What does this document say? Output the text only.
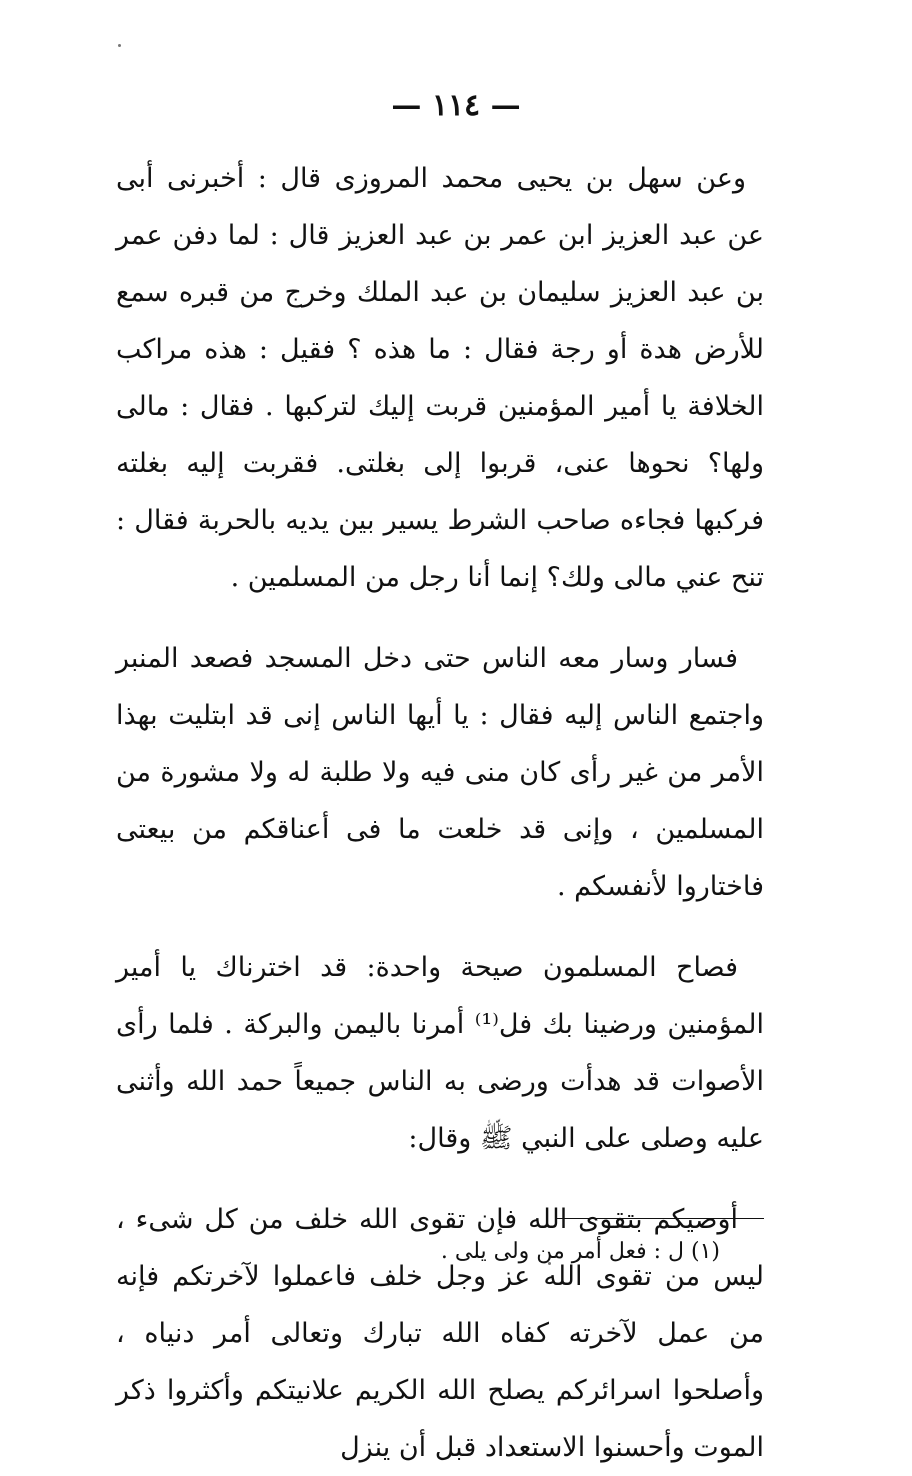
— ١١٤ —

وعن سهل بن يحيى محمد المروزى قال : أخبرنى أبى عن عبد العزيز ابن عمر بن عبد العزيز قال : لما دفن عمر بن عبد العزيز سليمان بن عبد الملك وخرج من قبره سمع للأرض هدة أو رجة فقال : ما هذه ؟ فقيل : هذه مراكب الخلافة يا أمير المؤمنين قربت إليك لتركبها . فقال : مالى ولها؟ نحوها عنى، قربوا إلى بغلتى. فقربت إليه بغلته فركبها فجاءه صاحب الشرط يسير بين يديه بالحربة فقال : تنح عني مالى ولك؟ إنما أنا رجل من المسلمين .

فسار وسار معه الناس حتى دخل المسجد فصعد المنبر واجتمع الناس إليه فقال : يا أيها الناس إنى قد ابتليت بهذا الأمر من غير رأى كان منى فيه ولا طلبة له ولا مشورة من المسلمين ، وإنى قد خلعت ما فى أعناقكم من بيعتى فاختاروا لأنفسكم .

فصاح المسلمون صيحة واحدة: قد اخترناك يا أمير المؤمنين ورضينا بك فل⁽¹⁾ أمرنا باليمن والبركة . فلما رأى الأصوات قد هدأت ورضى به الناس جميعاً حمد الله وأثنى عليه وصلى على النبي ﷺ وقال:

أوصيكم بتقوى الله فإن تقوى الله خلف من كل شىء ، ليس من تقوى الله عز وجل خلف فاعملوا لآخرتكم فإنه من عمل لآخرته كفاه الله تبارك وتعالى أمر دنياه ، وأصلحوا اسرائركم يصلح الله الكريم علانيتكم وأكثروا ذكر الموت وأحسنوا الاستعداد قبل أن ينزل

(١) ل : فعل أمر من ولى يلى .
